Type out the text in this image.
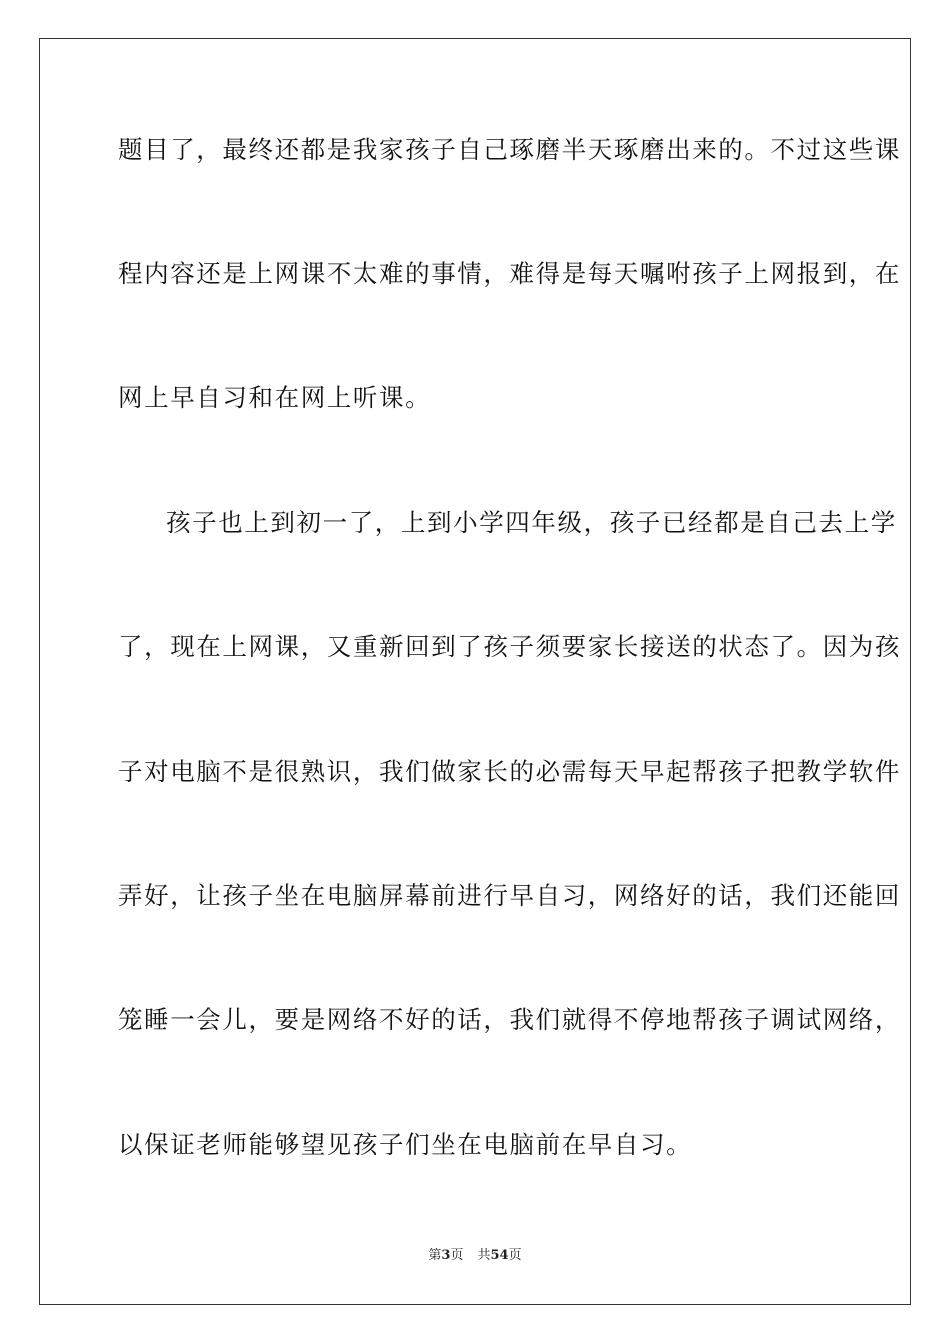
题目了，最终还都是我家孩子自己琢磨半天琢磨出来的。不过这些课
程内容还是上网课不太难的事情，难得是每天嘱咐孩子上网报到，在
网上早自习和在网上听课。
孩子也上到初一了，上到小学四年级，孩子已经都是自己去上学
了，现在上网课，又重新回到了孩子须要家长接送的状态了。因为孩
子对电脑不是很熟识，我们做家长的必需每天早起帮孩子把教学软件
弄好，让孩子坐在电脑屏幕前进行早自习，网络好的话，我们还能回
笼睡一会儿，要是网络不好的话，我们就得不停地帮孩子调试网络，
以保证老师能够望见孩子们坐在电脑前在早自习。
第3页 共54页
